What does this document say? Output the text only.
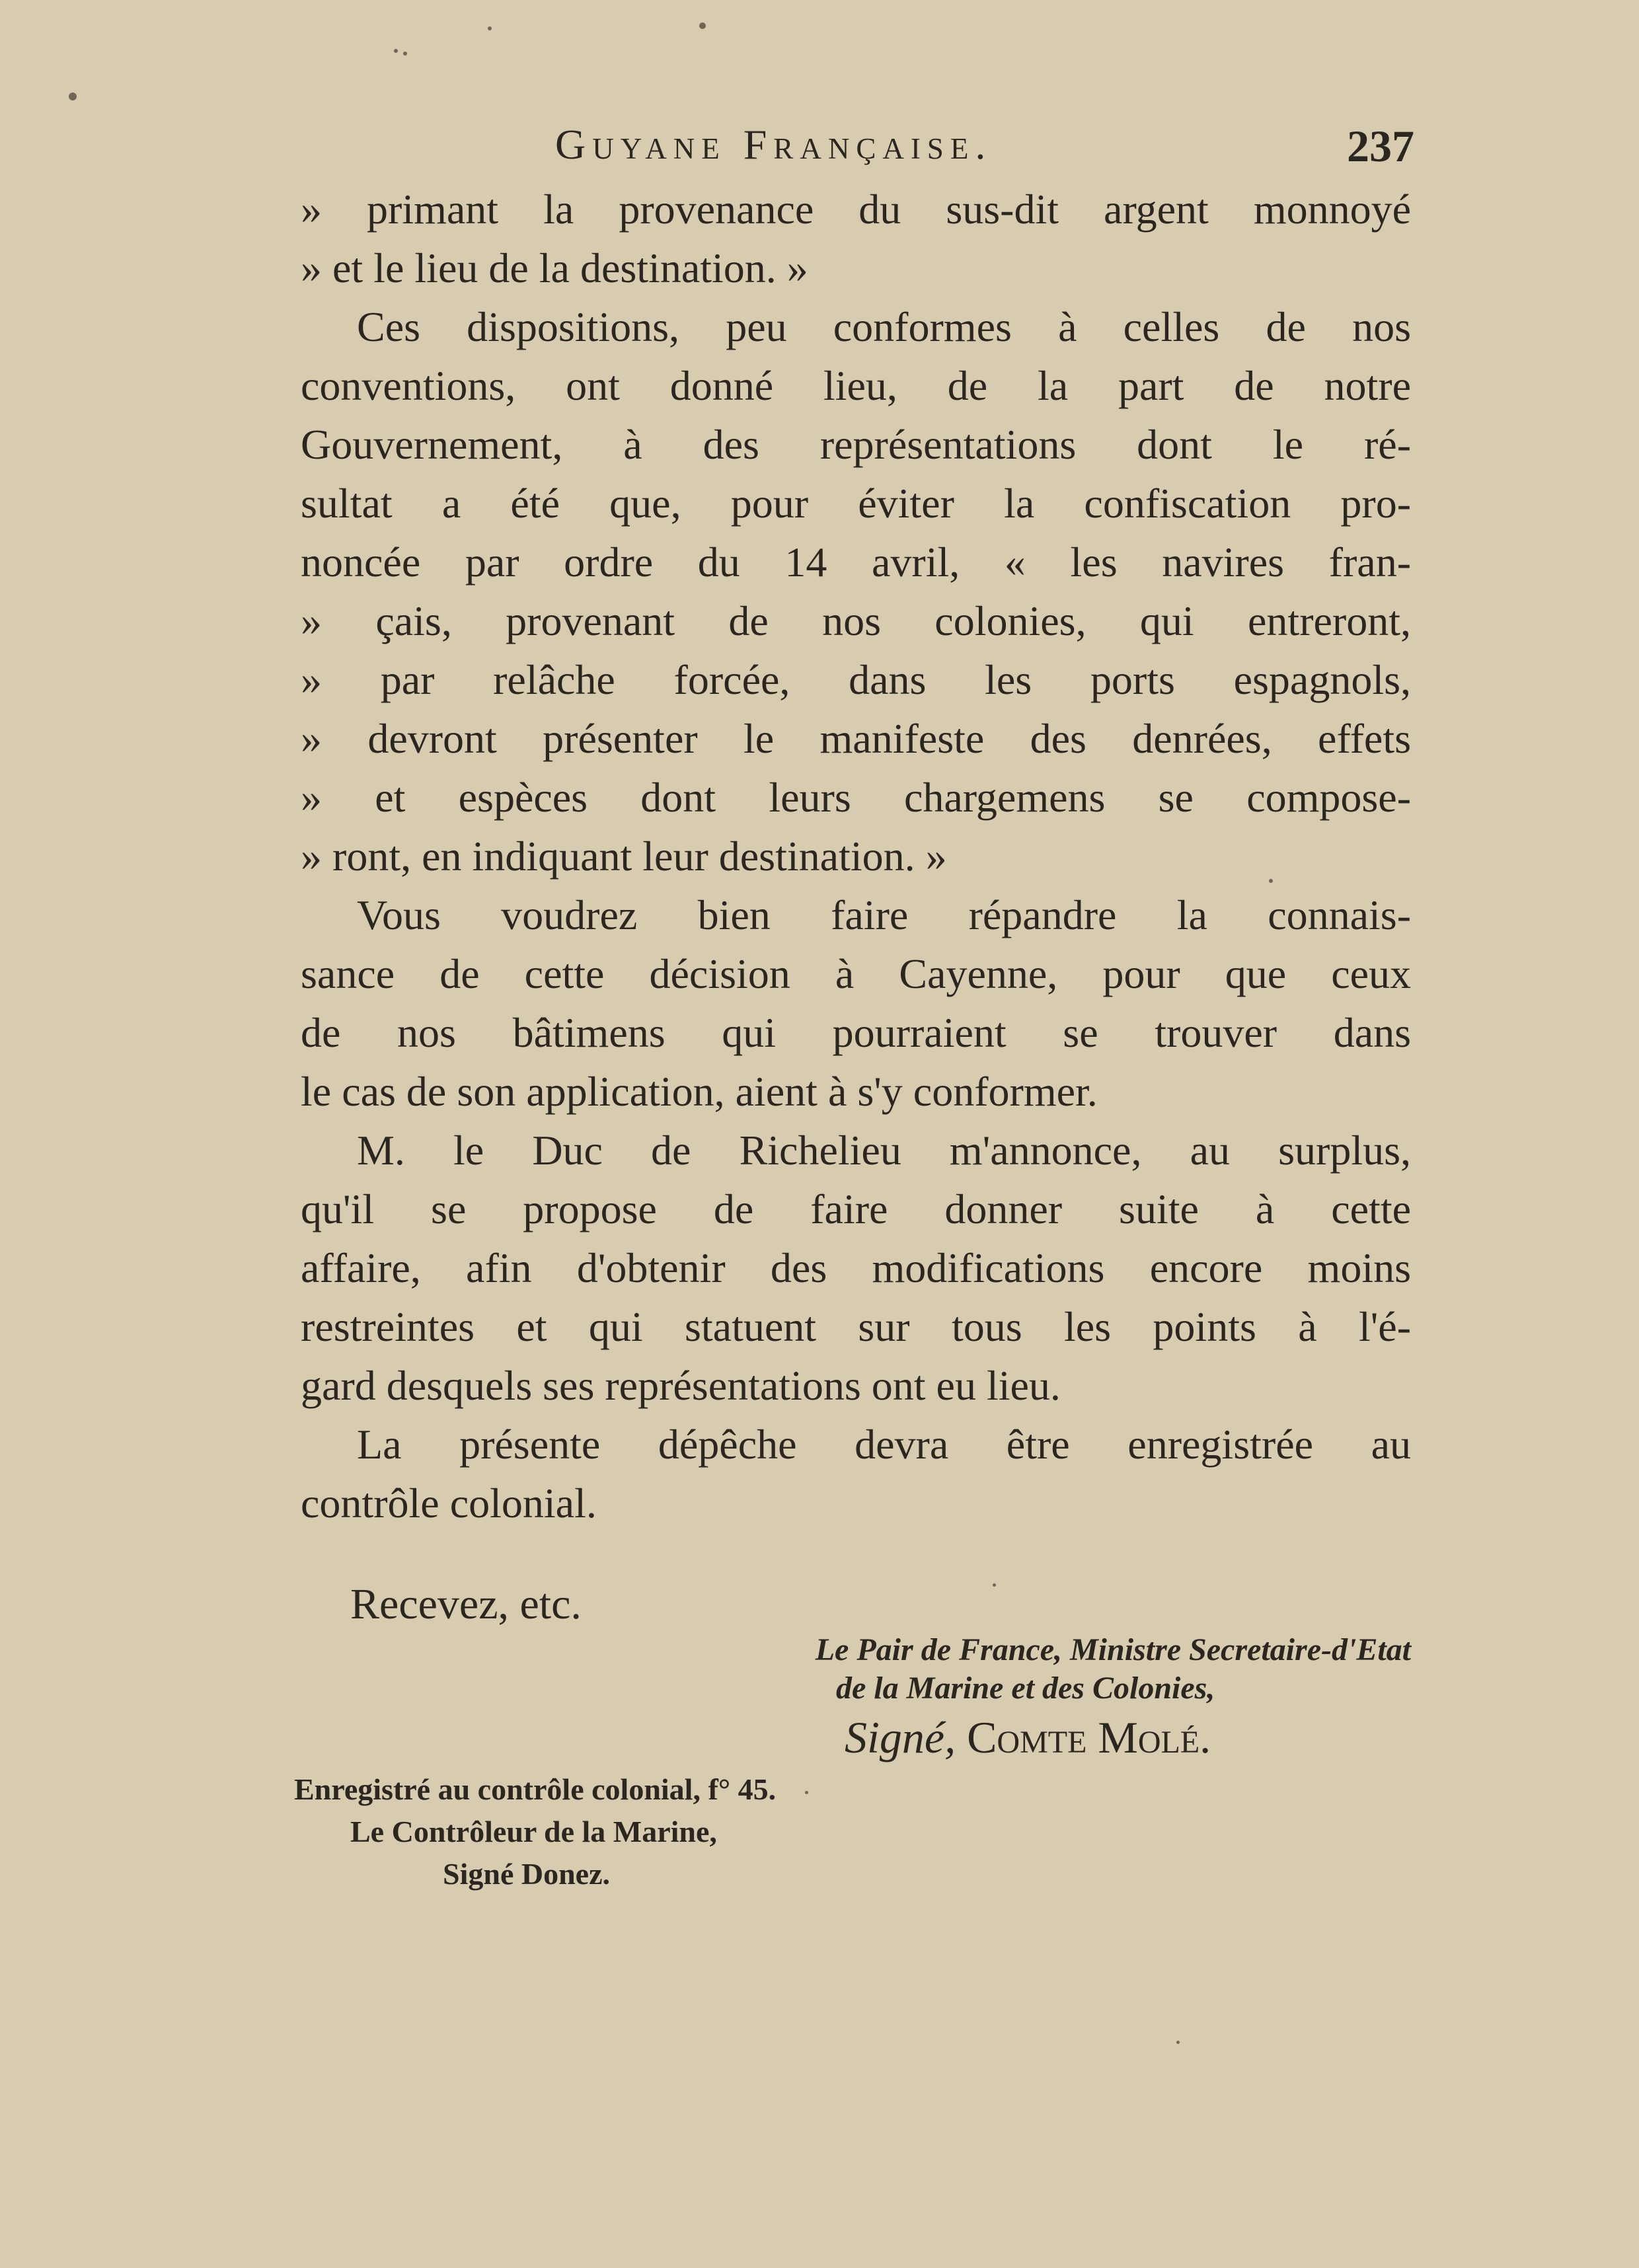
Guyane Française.	237
» primant la provenance du sus-dit argent monnoyé
» et le lieu de la destination. »
Ces dispositions, peu conformes à celles de nos
conventions, ont donné lieu, de la part de notre
Gouvernement, à des représentations dont le ré-
sultat a été que, pour éviter la confiscation pro-
noncée par ordre du 14 avril, « les navires fran-
» çais, provenant de nos colonies, qui entreront,
» par relâche forcée, dans les ports espagnols,
» devront présenter le manifeste des denrées, effets
» et espèces dont leurs chargemens se compose-
» ront, en indiquant leur destination. »
Vous voudrez bien faire répandre la connais-
sance de cette décision à Cayenne, pour que ceux
de nos bâtimens qui pourraient se trouver dans
le cas de son application, aient à s'y conformer.
M. le Duc de Richelieu m'annonce, au surplus,
qu'il se propose de faire donner suite à cette
affaire, afin d'obtenir des modifications encore moins
restreintes et qui statuent sur tous les points à l'é-
gard desquels ses représentations ont eu lieu.
La présente dépêche devra être enregistrée au
contrôle colonial.
Recevez, etc.
Le Pair de France, Ministre Secretaire-d'Etat
de la Marine et des Colonies,
Signé, Comte Molé.
Enregistré au contrôle colonial, f° 45.
Le Contrôleur de la Marine,
Signé Donez.
